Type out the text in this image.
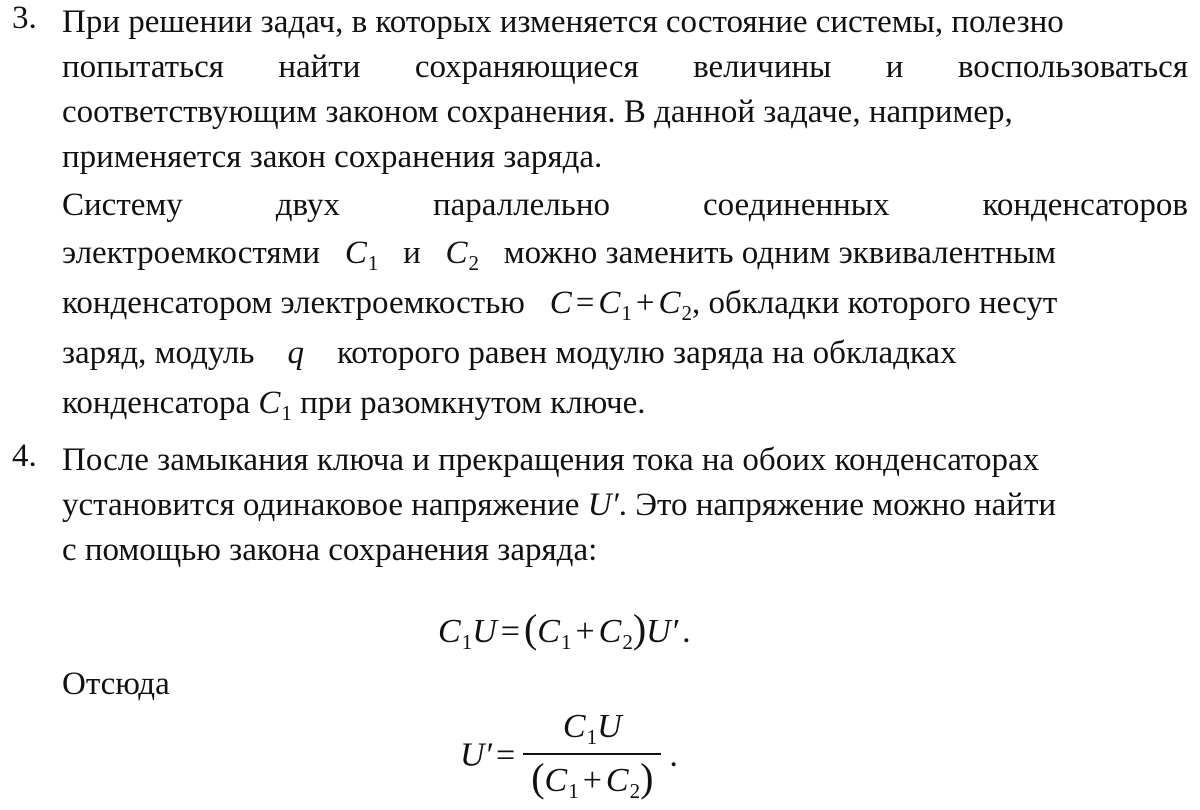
3. При решении задач, в которых изменяется состояние системы, полезно
попытаться найти сохраняющиеся величины и воспользоваться
соответствующим законом сохранения. В данной задаче, например,
применяется закон сохранения заряда.
Систему двух параллельно соединенных конденсаторов
электроемкостями $C_1$ и $C_2$ можно заменить одним эквивалентным
конденсатором электроемкостью $C = C_1 + C_2$, обкладки которого несут
заряд, модуль q которого равен модулю заряда на обкладках
конденсатора $C_1$ при разомкнутом ключе.
4. После замыкания ключа и прекращения тока на обоих конденсаторах
установится одинаковое напряжение U′. Это напряжение можно найти
с помощью закона сохранения заряда:
$C_1U = (C_1 + C_2)U'$ .
Отсюда
$U' = \frac{C_1U}{(C_1 + C_2)}$ .
